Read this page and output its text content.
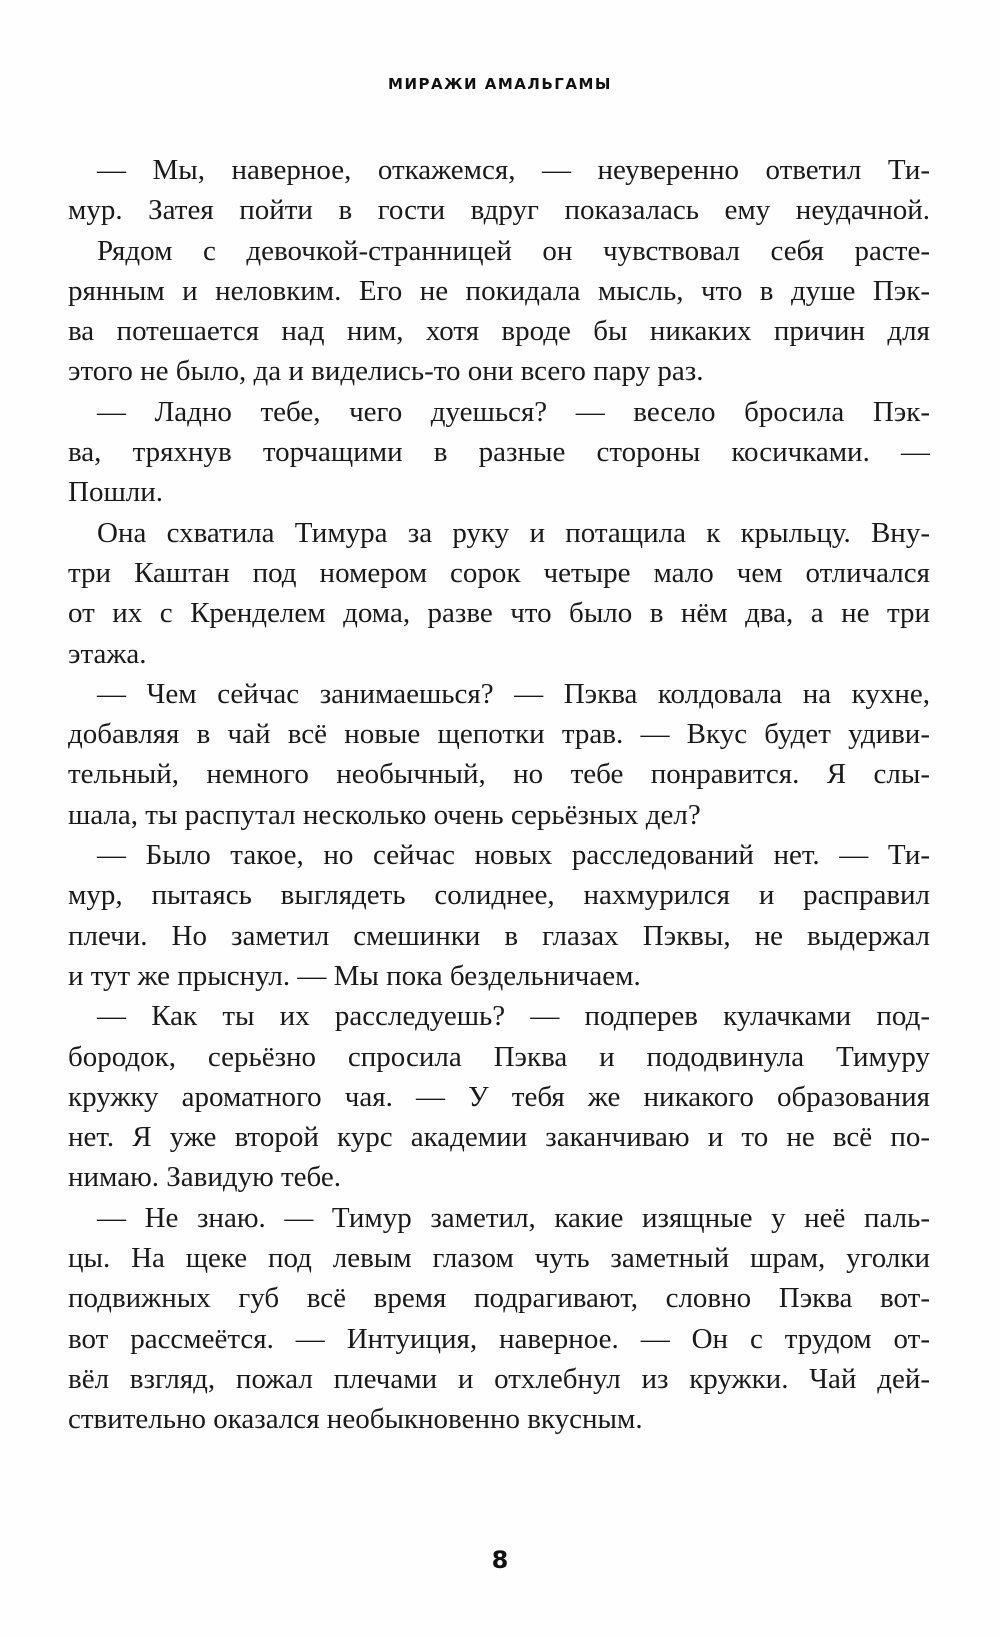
МИРАЖИ АМАЛЬГАМЫ
— Мы, наверное, откажемся, — неуверенно ответил Ти-
мур. Затея пойти в гости вдруг показалась ему неудачной.
Рядом с девочкой-странницей он чувствовал себя расте-
рянным и неловким. Его не покидала мысль, что в душе Пэк-
ва потешается над ним, хотя вроде бы никаких причин для
этого не было, да и виделись-то они всего пару раз.
— Ладно тебе, чего дуешься? — весело бросила Пэк-
ва, тряхнув торчащими в разные стороны косичками. —
Пошли.
Она схватила Тимура за руку и потащила к крыльцу. Вну-
три Каштан под номером сорок четыре мало чем отличался
от их с Кренделем дома, разве что было в нём два, а не три
этажа.
— Чем сейчас занимаешься? — Пэква колдовала на кухне,
добавляя в чай всё новые щепотки трав. — Вкус будет удиви-
тельный, немного необычный, но тебе понравится. Я слы-
шала, ты распутал несколько очень серьёзных дел?
— Было такое, но сейчас новых расследований нет. — Ти-
мур, пытаясь выглядеть солиднее, нахмурился и расправил
плечи. Но заметил смешинки в глазах Пэквы, не выдержал
и тут же прыснул. — Мы пока бездельничаем.
— Как ты их расследуешь? — подперев кулачками под-
бородок, серьёзно спросила Пэква и пододвинула Тимуру
кружку ароматного чая. — У тебя же никакого образования
нет. Я уже второй курс академии заканчиваю и то не всё по-
нимаю. Завидую тебе.
— Не знаю. — Тимур заметил, какие изящные у неё паль-
цы. На щеке под левым глазом чуть заметный шрам, уголки
подвижных губ всё время подрагивают, словно Пэква вот-
вот рассмеётся. — Интуиция, наверное. — Он с трудом от-
вёл взгляд, пожал плечами и отхлебнул из кружки. Чай дей-
ствительно оказался необыкновенно вкусным.
8
